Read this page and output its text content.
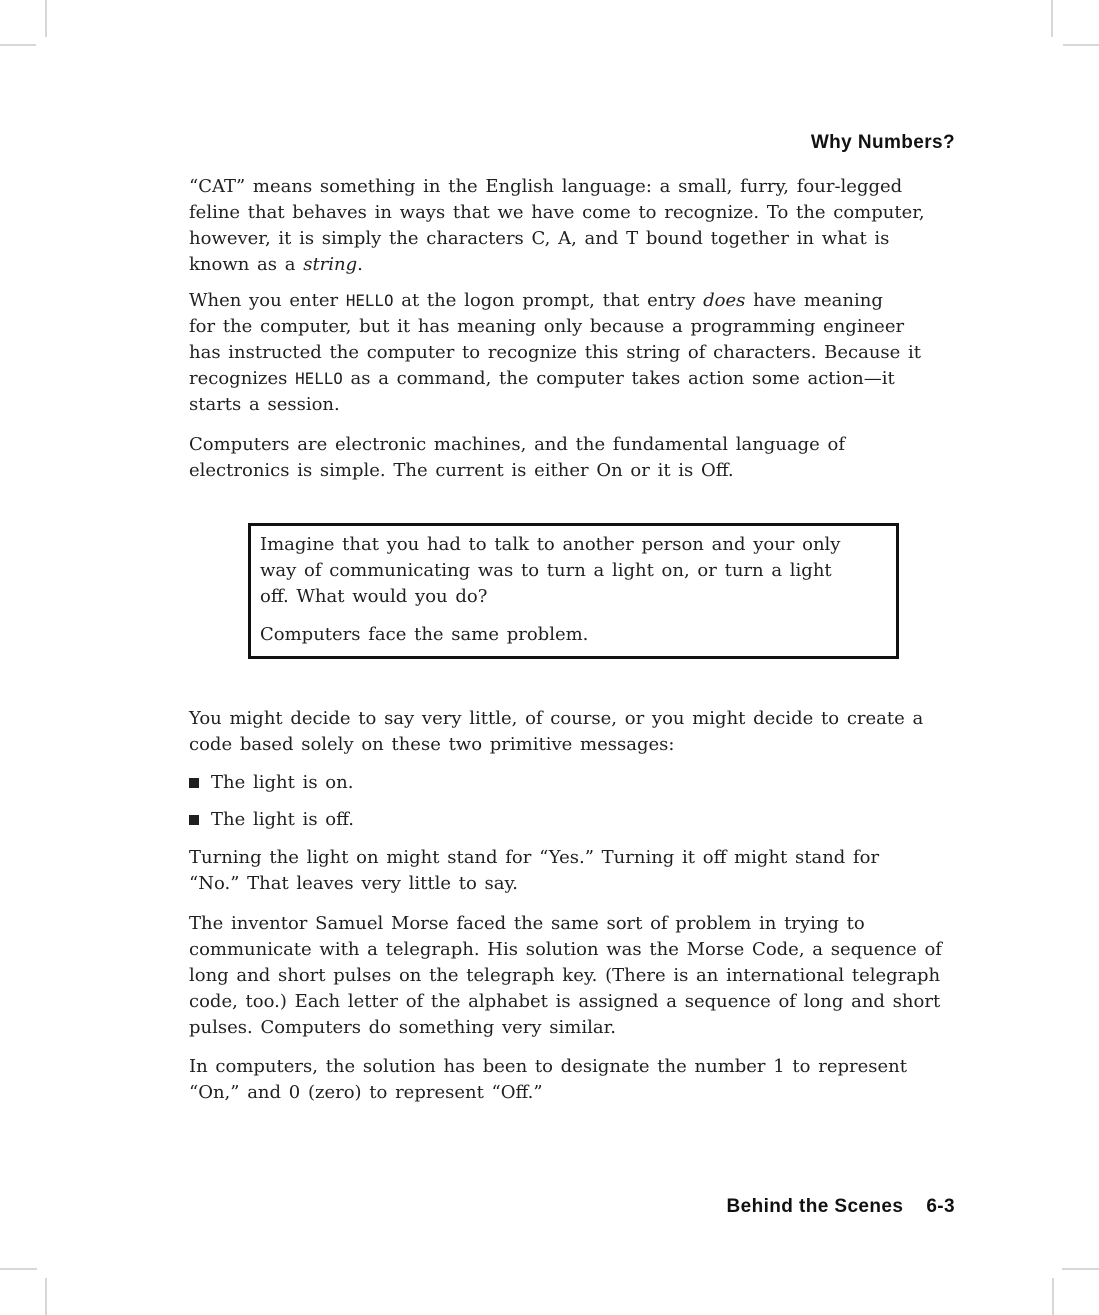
Why Numbers?
“CAT” means something in the English language: a small, furry, four-legged
feline that behaves in ways that we have come to recognize. To the computer,
however, it is simply the characters C, A, and T bound together in what is
known as a string.
When you enter HELLO at the logon prompt, that entry does have meaning
for the computer, but it has meaning only because a programming engineer
has instructed the computer to recognize this string of characters. Because it
recognizes HELLO as a command, the computer takes action some action—it
starts a session.
Computers are electronic machines, and the fundamental language of
electronics is simple. The current is either On or it is Off.
Imagine that you had to talk to another person and your only
way of communicating was to turn a light on, or turn a light
off. What would you do?
Computers face the same problem.
You might decide to say very little, of course, or you might decide to create a
code based solely on these two primitive messages:
The light is on.
The light is off.
Turning the light on might stand for “Yes.” Turning it off might stand for
“No.” That leaves very little to say.
The inventor Samuel Morse faced the same sort of problem in trying to
communicate with a telegraph. His solution was the Morse Code, a sequence of
long and short pulses on the telegraph key. (There is an international telegraph
code, too.) Each letter of the alphabet is assigned a sequence of long and short
pulses. Computers do something very similar.
In computers, the solution has been to designate the number 1 to represent
“On,” and 0 (zero) to represent “Off.”
Behind the Scenes 6-3
